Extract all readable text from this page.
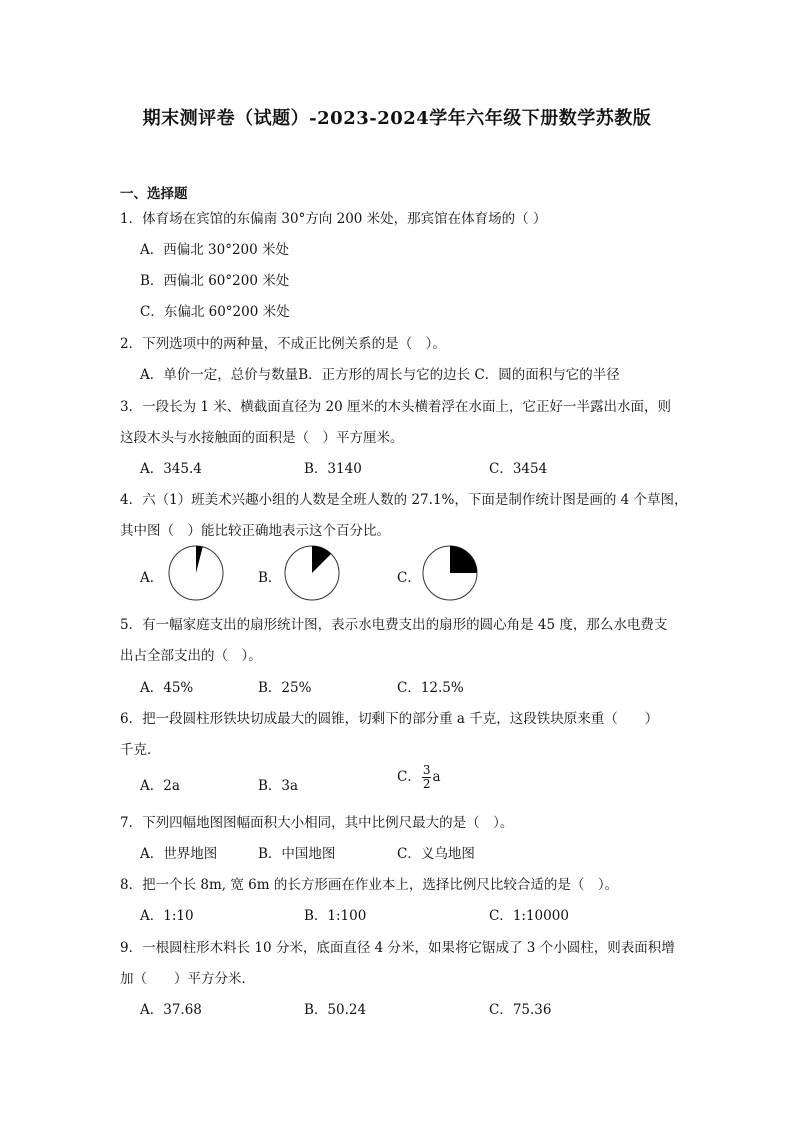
期末测评卷（试题）-2023-2024学年六年级下册数学苏教版
一、选择题
1．体育场在宾馆的东偏南 30°方向 200 米处，那宾馆在体育场的（ ）
A．西偏北 30°200 米处
B．西偏北 60°200 米处
C．东偏北 60°200 米处
2．下列选项中的两种量，不成正比例关系的是（　）。
A．单价一定，总价与数量B．正方形的周长与它的边长 C．圆的面积与它的半径
3．一段长为 1 米、横截面直径为 20 厘米的木头横着浮在水面上，它正好一半露出水面，则
这段木头与水接触面的面积是（　）平方厘米。
A．345.4	B．3140	C．3454
4．六（1）班美术兴趣小组的人数是全班人数的 27.1%，下面是制作统计图是画的 4 个草图，
其中图（　）能比较正确地表示这个百分比。
A．	B．	C．
5．有一幅家庭支出的扇形统计图，表示水电费支出的扇形的圆心角是 45 度，那么水电费支
出占全部支出的（　）。
A．45%	B．25%	C．12.5%
6．把一段圆柱形铁块切成最大的圆锥，切剩下的部分重 a 千克，这段铁块原来重（　　）
千克．
A．2a	B．3a
C． $\frac{3}{2}$ a
7．下列四幅地图图幅面积大小相同，其中比例尺最大的是（　）。
A．世界地图	B．中国地图	C．义乌地图
8．把一个长 8m, 宽 6m 的长方形画在作业本上，选择比例尺比较合适的是（　）。
A．1:10	B．1:100	C．1:10000
9．一根圆柱形木料长 10 分米，底面直径 4 分米，如果将它锯成了 3 个小圆柱，则表面积增
加（　　）平方分米．
A．37.68	B．50.24	C．75.36
